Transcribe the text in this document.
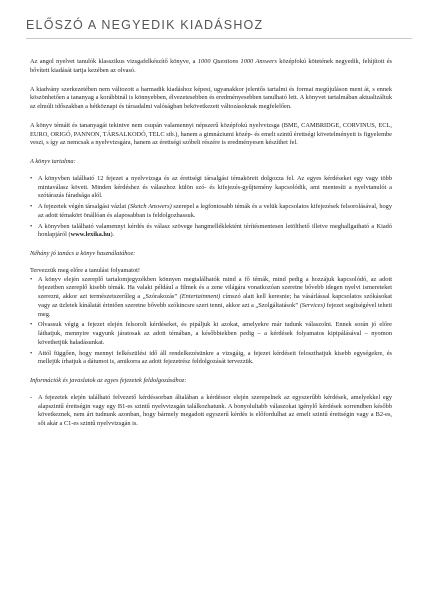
ELŐSZÓ A NEGYEDIK KIADÁSHOZ

Az angol nyelvet tanulók klasszikus vizsgafelkészítő könyve, a 1000 Questions 1000 Answers középfokú kötetének negyedik, felújított és bővített kiadását tartja kezében az olvasó.

A kiadvány szerkezetében nem változott a harmadik kiadáshoz képest, ugyanakkor jelentős tartalmi és formai megújuláson ment át, s ennek köszönhetően a tananyag a korábbinál is könnyebben, élvezetesebben és eredményesebben tanulható lett. A könyvet tartalmában aktualizáltuk az elmúlt időszakban a hétköznapi és társadalmi valóságban bekövetkezett változásoknak megfelelően.

A könyv témáit és tananyagát tekintve nem csupán valamennyi népszerű középfokú nyelvvizsga (BME, CAMBRIDGE, CORVINUS, ECL, EURO, ORIGÓ, PANNON, TÁRSALKODÓ, TELC stb.), hanem a gimnáziumi közép- és emelt szintű érettségi követelményeit is figyelembe veszi, s így az nemcsak a nyelvvizsgára, hanem az érettségi szóbeli részére is eredményesen készíthet fel.

A könyv tartalma:

• A könyvben található 12 fejezet a nyelvvizsga és az érettségi társalgási témaköreit dolgozza fel. Az egyes kérdéseket egy vagy több mintaválasz követi. Minden kérdéshez és válaszhoz külön szó- és kifejezés-gyűjtemény kapcsolódik, ami mentesíti a nyelvtanulót a szótárazás fáradsága alól.
• A fejezetek végén társalgási vázlat (Sketch Answers) szerepel a legfontosabb témák és a velük kapcsolatos kifejezések felsorolásával, hogy az adott témakört önállóan és alaposabban is feldolgozhassuk.
• A könyvben található valamennyi kérdés és válasz szövege hangmelléklektént térítésmentesen letölthető illetve meghallgatható a Kiadó honlapjáról (www.lexika.hu).

Néhány jó tanács a könyv használatához:

Tervezzük meg előre a tanulási folyamatot!

• A könyv elején szereplő tartalomjegyzékben könnyen megtalálhatók mind a fő témák, mind pedig a hozzájuk kapcsolódó, az adott fejezetben szereplő kisebb témák. Ha valaki például a filmek és a zene világára vonatkozóan szeretne bővebb idegen nyelvi ismereteket szerezni, akkor azt természetszerűleg a „Szórakozás” (Entertainment) címszó alatt kell keresnie; ha vásárlással kapcsolatos szókásokat vagy az üzletek kínálatát érintően szeretne bővebb szókincsre szert tenni, akkor azt a „Szolgáltatások” (Services) fejezet segítségével teheti meg.
• Olvassuk végig a fejezet elején felsorolt kérdéseket, és pipáljuk ki azokat, amelyekre már tudunk válaszolni. Ennek során jó előre láthatjuk, mennyire vagyunk járatosak az adott témában, a későbbiekben pedig – a kérdések folyamatos kipipálásával – nyomon követhetjük haladásunkat.
• Attól függően, hogy mennyi felkészülési idő áll rendelkezésünkre a vizsgáig, a fejezet kérdéseit feloszthatjuk kisebb egységekre, és mellejük írhatjuk a dátumot is, amikorra az adott fejezetrész feldolgozását tervezzük.

Információk és javaslatok az egyes fejezetek feldolgozásához:

- A fejezetek elején található felvezető kérdéssorban általában a kérdéssor elején szerepelnek az egyszerűbb kérdések, amelyekkel egy alapszintű érettségin vagy egy B1-es szintű nyelvvizsgán találkozhatunk. A bonyolultabb válaszokat igénylő kérdések sorrendben később következnek, nem árt tudnunk azonban, hogy bármely megadott egyszerű kérdés is előfordulhat az emelt szintű érettségin vagy a B2-es, sőt akár a C1-es szintű nyelvvizsgán is.
